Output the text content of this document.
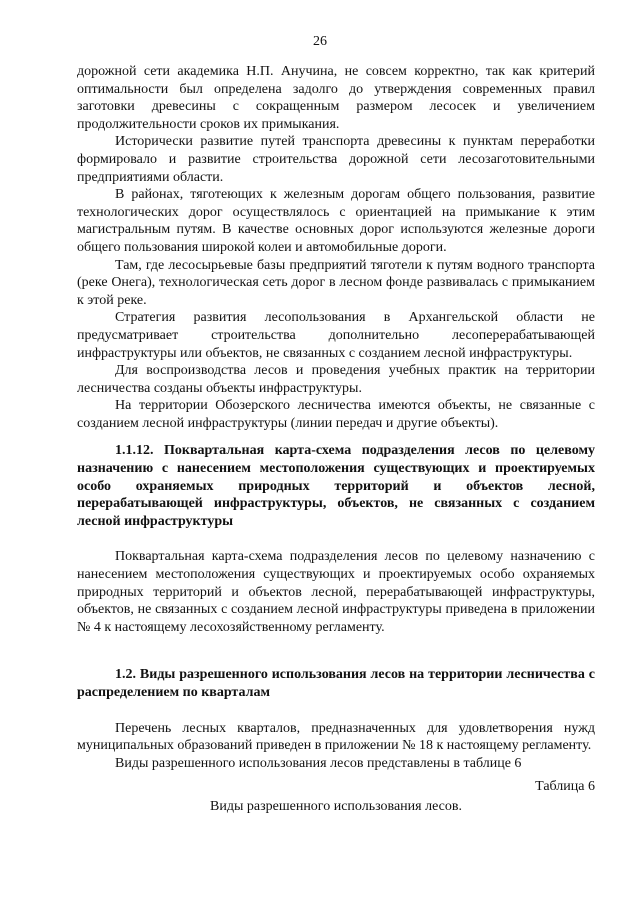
26

дорожной сети академика Н.П. Анучина, не совсем корректно, так как критерий оптимальности был определена задолго до утверждения современных правил заготовки древесины с сокращенным размером лесосек и увеличением продолжительности сроков их примыкания.

Исторически развитие путей транспорта древесины к пунктам переработки формировало и развитие строительства дорожной сети лесозаготовительными предприятиями области.

В районах, тяготеющих к железным дорогам общего пользования, развитие технологических дорог осуществлялось с ориентацией на примыкание к этим магистральным путям. В качестве основных дорог используются железные дороги общего пользования широкой колеи и автомобильные дороги.

Там, где лесосырьевые базы предприятий тяготели к путям водного транспорта (реке Онега), технологическая сеть дорог в лесном фонде развивалась с примыканием к этой реке.

Стратегия развития лесопользования в Архангельской области не предусматривает строительства дополнительно лесоперерабатывающей инфраструктуры или объектов, не связанных с созданием лесной инфраструктуры.

Для воспроизводства лесов и проведения учебных практик на территории лесничества созданы объекты инфраструктуры.

На территории Обозерского лесничества имеются объекты, не связанные с созданием лесной инфраструктуры (линии передач и другие объекты).

1.1.12. Поквартальная карта-схема подразделения лесов по целевому назначению с нанесением местоположения существующих и проектируемых особо охраняемых природных территорий и объектов лесной, перерабатывающей инфраструктуры, объектов, не связанных с созданием лесной инфраструктуры

Поквартальная карта-схема подразделения лесов по целевому назначению с нанесением местоположения существующих и проектируемых особо охраняемых природных территорий и объектов лесной, перерабатывающей инфраструктуры, объектов, не связанных с созданием лесной инфраструктуры приведена в приложении № 4 к настоящему лесохозяйственному регламенту.

1.2. Виды разрешенного использования лесов на территории лесничества с распределением по кварталам

Перечень лесных кварталов, предназначенных для удовлетворения нужд муниципальных образований приведен в приложении № 18 к настоящему регламенту.

Виды разрешенного использования лесов представлены в таблице 6

Таблица 6

Виды разрешенного использования лесов.
